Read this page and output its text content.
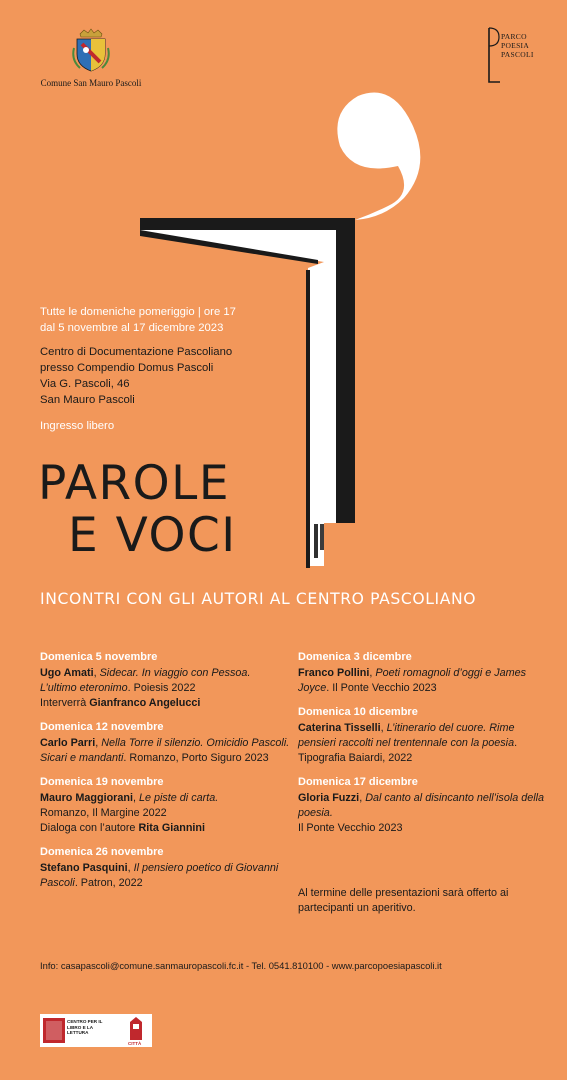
Comune San Mauro Pascoli
PARCO
POESIA
PASCOLI
Tutte le domeniche pomeriggio | ore 17
dal 5 novembre al 17 dicembre 2023
Centro di Documentazione Pascoliano
presso Compendio Domus Pascoli
Via G. Pascoli, 46
San Mauro Pascoli
Ingresso libero
PAROLE
E VOCI
INCONTRI CON GLI AUTORI AL CENTRO PASCOLIANO
Domenica 5 novembre
Ugo Amati, Sidecar. In viaggio con Pessoa. L’ultimo eteronimo. Poiesis 2022
Interverrà Gianfranco Angelucci
Domenica 12 novembre
Carlo Parri, Nella Torre il silenzio. Omicidio Pascoli. Sicari e mandanti. Romanzo, Porto Siguro 2023
Domenica 19 novembre
Mauro Maggiorani, Le piste di carta.
Romanzo, Il Margine 2022
Dialoga con l’autore Rita Giannini
Domenica 26 novembre
Stefano Pasquini, Il pensiero poetico di Giovanni Pascoli. Patron, 2022
Domenica 3 dicembre
Franco Pollini, Poeti romagnoli d’oggi e James Joyce. Il Ponte Vecchio 2023
Domenica 10 dicembre
Caterina Tisselli, L’itinerario del cuore. Rime pensieri raccolti nel trentennale con la poesia. Tipografia Baiardi, 2022
Domenica 17 dicembre
Gloria Fuzzi, Dal canto al disincanto nell’isola della poesia.
Il Ponte Vecchio 2023
Al termine delle presentazioni sarà offerto ai partecipanti un aperitivo.
Info: casapascoli@comune.sanmauropascoli.fc.it - Tel. 0541.810100 - www.parcopoesiapascoli.it
CENTRO PER IL LIBRO E LA LETTURA
CITTÀ
